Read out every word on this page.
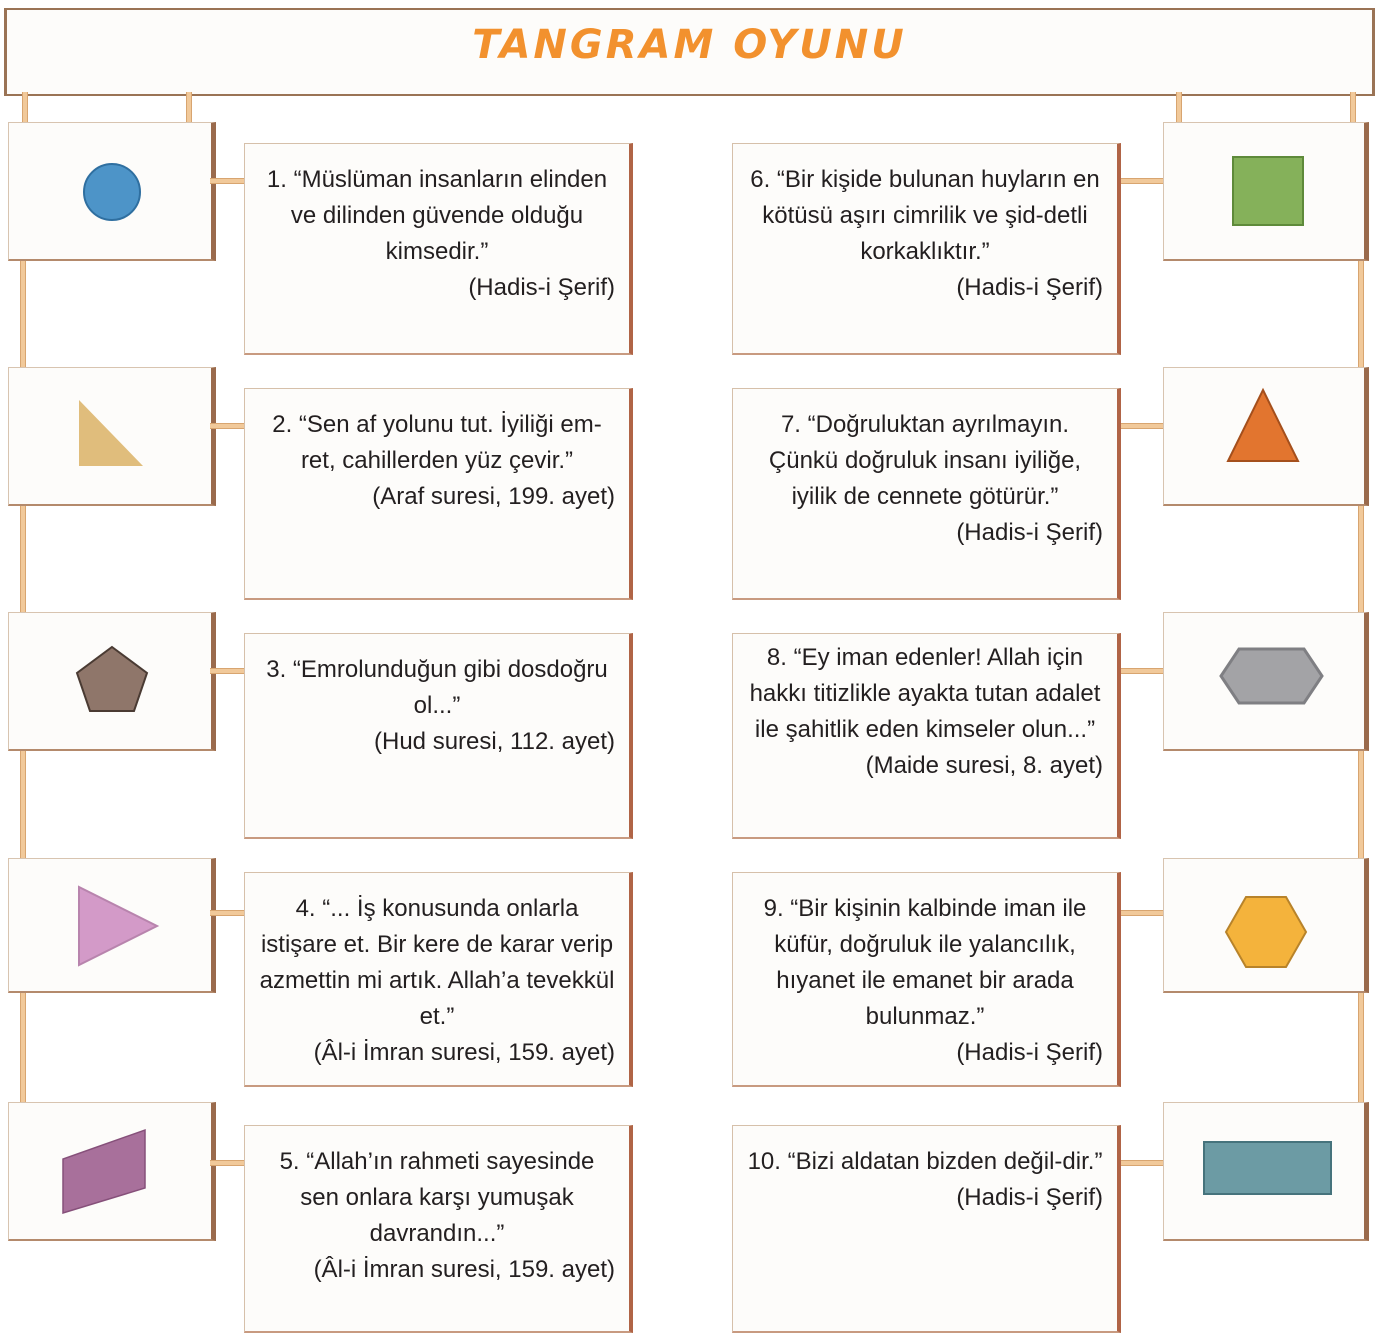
TANGRAM OYUNU
1. “Müslüman insanların elinden ve dilinden güvende olduğu kimsedir.”
(Hadis-i Şerif)
2. “Sen af yolunu tut. İyiliği em-ret, cahillerden yüz çevir.”
(Araf suresi, 199. ayet)
3. “Emrolunduğun gibi dosdoğru ol...”
(Hud suresi, 112. ayet)
4. “... İş konusunda onlarla istişare et. Bir kere de karar verip azmettin mi artık. Allah’a tevekkül et.”
(Âl-i İmran suresi, 159. ayet)
5. “Allah’ın rahmeti sayesinde sen onlara karşı yumuşak davrandın...”
(Âl-i İmran suresi, 159. ayet)
6. “Bir kişide bulunan huyların en kötüsü aşırı cimrilik ve şid-detli korkaklıktır.”
(Hadis-i Şerif)
7. “Doğruluktan ayrılmayın. Çünkü doğruluk insanı iyiliğe, iyilik de cennete götürür.”
(Hadis-i Şerif)
8. “Ey iman edenler! Allah için hakkı titizlikle ayakta tutan adalet ile şahitlik eden kimseler olun...”
(Maide suresi, 8. ayet)
9. “Bir kişinin kalbinde iman ile küfür, doğruluk ile yalancılık, hıyanet ile emanet bir arada bulunmaz.”
(Hadis-i Şerif)
10. “Bizi aldatan bizden değil-dir.”
(Hadis-i Şerif)
